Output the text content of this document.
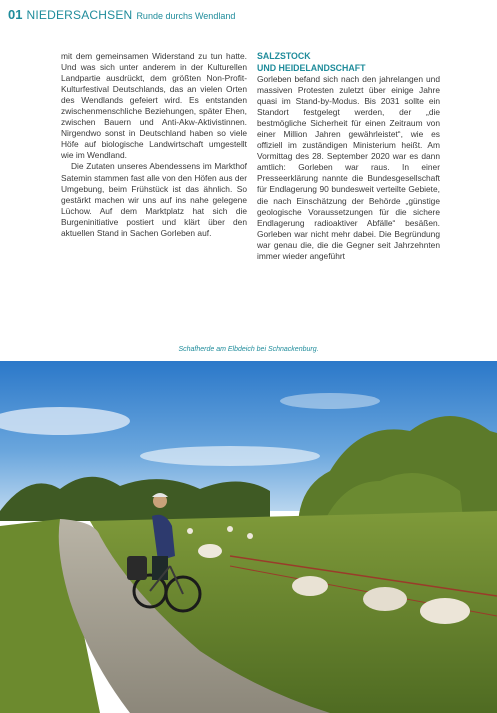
01 NIEDERSACHSEN Runde durchs Wendland

mit dem gemeinsamen Widerstand zu tun hatte. Und was sich unter anderem in der Kulturellen Landpartie ausdrückt, dem größten Non-Profit-Kulturfestival Deutschlands, das an vielen Orten des Wendlands gefeiert wird. Es entstanden zwischenmenschliche Beziehungen, später Ehen, zwischen Bauern und Anti-Akw-Aktivistinnen. Nirgendwo sonst in Deutschland haben so viele Höfe auf biologische Landwirtschaft umgestellt wie im Wendland.

Die Zutaten unseres Abendessens im Markthof Satemin stammen fast alle von den Höfen aus der Umgebung, beim Frühstück ist das ähnlich. So gestärkt machen wir uns auf ins nahe gelegene Lüchow. Auf dem Marktplatz hat sich die Burgeninitiative postiert und klärt über den aktuellen Stand in Sachen Gorleben auf.

SALZSTOCK
UND HEIDELANDSCHAFT

Gorleben befand sich nach den jahrelangen und massiven Protesten zuletzt über einige Jahre quasi im Stand-by-Modus. Bis 2031 sollte ein Standort festgelegt werden, der „die bestmögliche Sicherheit für einen Zeitraum von einer Million Jahren gewährleistet“, wie es offiziell im zuständigen Ministerium heißt. Am Vormittag des 28. September 2020 war es dann amtlich: Gorleben war raus. In einer Presseerklärung nannte die Bundesgesellschaft für Endlagerung 90 bundesweit verteilte Gebiete, die nach Einschätzung der Behörde „günstige geologische Voraussetzungen für die sichere Endlagerung radioaktiver Abfälle“ besäßen. Gorleben war nicht mehr dabei. Die Begründung war genau die, die die Gegner seit Jahrzehnten immer wieder angeführt

Schafherde am Elbdeich bei Schnackenburg.
